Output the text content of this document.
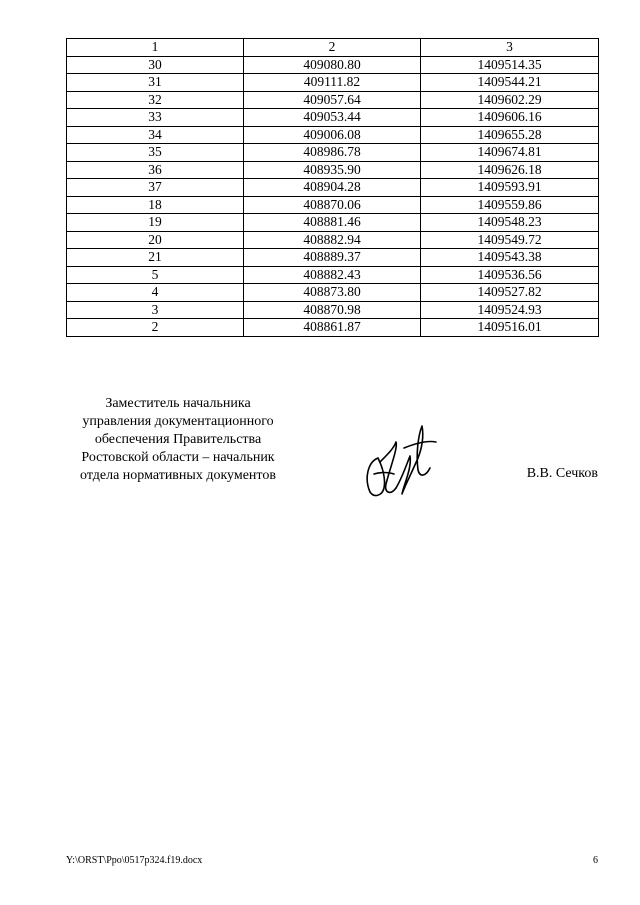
1	2	3
30	409080.80	1409514.35
31	409111.82	1409544.21
32	409057.64	1409602.29
33	409053.44	1409606.16
34	409006.08	1409655.28
35	408986.78	1409674.81
36	408935.90	1409626.18
37	408904.28	1409593.91
18	408870.06	1409559.86
19	408881.46	1409548.23
20	408882.94	1409549.72
21	408889.37	1409543.38
5	408882.43	1409536.56
4	408873.80	1409527.82
3	408870.98	1409524.93
2	408861.87	1409516.01
Заместитель начальника
управления документационного
обеспечения Правительства
Ростовской области – начальник
отдела нормативных документов	В.В. Сечков
Y:\ORST\Ppo\0517p324.f19.docx	6
